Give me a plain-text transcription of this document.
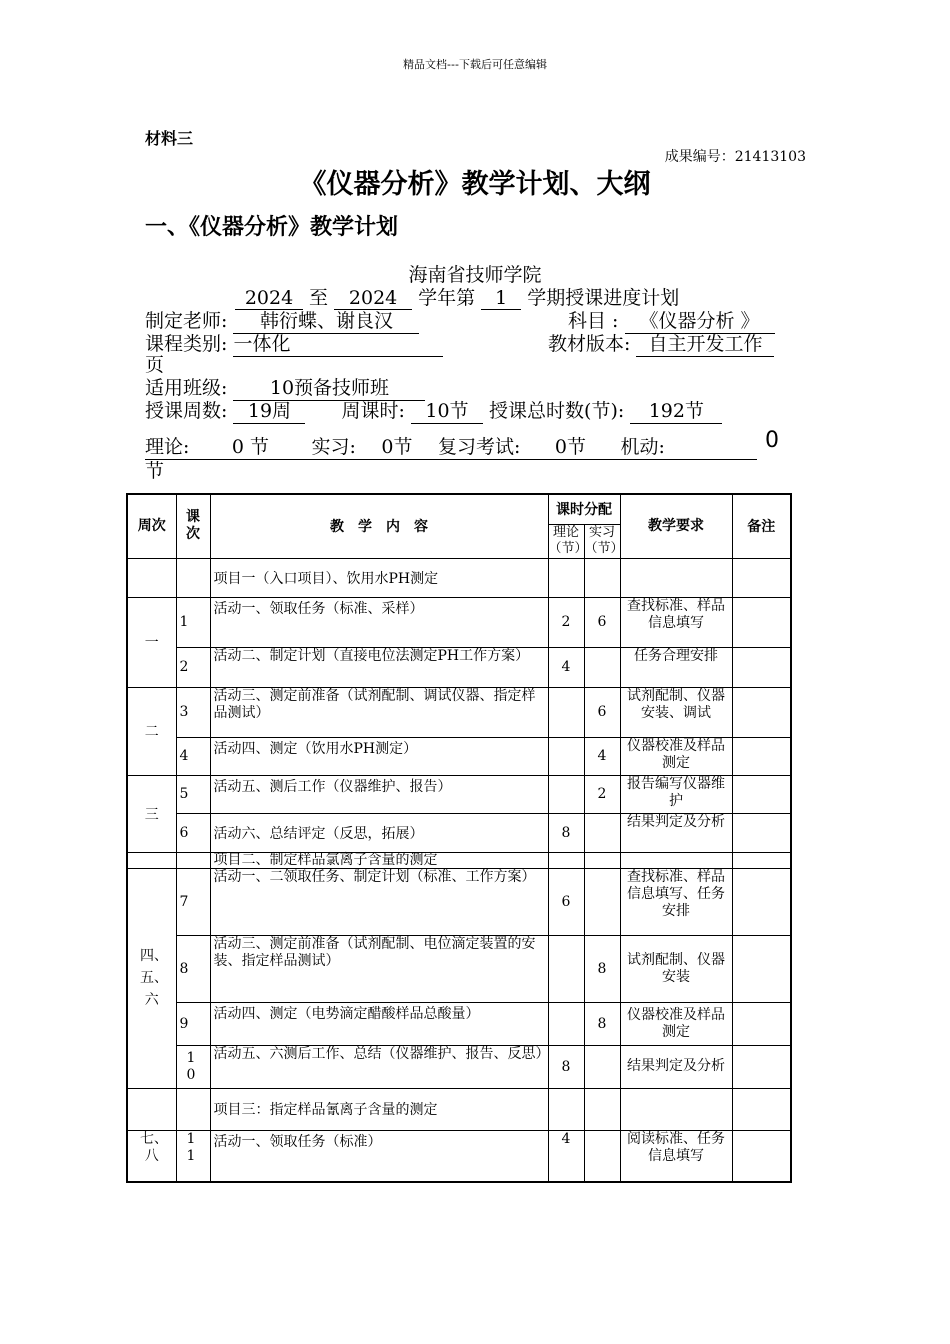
精品文档---下载后可任意编辑
材料三
成果编号：21413103
《仪器分析》教学计划、大纲
一、《仪器分析》教学计划
海南省技师学院
2024 至 2024 学年第 1 学期授课进度计划
制定老师: 韩衍蝶、谢良汉	科目 : 《仪器分析 》
课程类别: 一体化	教材版本: 自主开发工作
页
适用班级: 10预备技师班
授课周数: 19周	周课时: 10节 授课总时数(节): 192节
理论: 0 节 实习: 0节 复习考试: 0节 机动:	0
节
周次	课次	教　学　内　容	课时分配		教学要求	备注
			理论（节）	实习（节）		
		项目一（入口项目）、饮用水PH测定				
一	1	活动一、领取任务（标准、采样）	2	6	查找标准、样品信息填写	
	2	活动二、制定计划（直接电位法测定PH工作方案）	4		任务合理安排	
二	3	活动三、测定前准备（试剂配制、调试仪器、指定样品测试）		6	试剂配制、仪器安装、调试	
	4	活动四、测定（饮用水PH测定）		4	仪器校准及样品测定	
三	5	活动五、测后工作（仪器维护、报告）		2	报告编写仪器维护	
	6	活动六、总结评定（反思，拓展）	8		结果判定及分析	
		项目二、制定样品氯离子含量的测定				
四、五、六	7	活动一、二领取任务、制定计划（标准、工作方案）	6		查找标准、样品信息填写、任务安排	
	8	活动三、测定前准备（试剂配制、电位滴定装置的安装、指定样品测试）		8	试剂配制、仪器安装	
	9	活动四、测定（电势滴定醋酸样品总酸量）		8	仪器校准及样品测定	
	10	活动五、六测后工作、总结（仪器维护、报告、反思）	8		结果判定及分析	
		项目三：指定样品氰离子含量的测定				
七、八	11	活动一、领取任务（标准）	4		阅读标准、任务信息填写	
